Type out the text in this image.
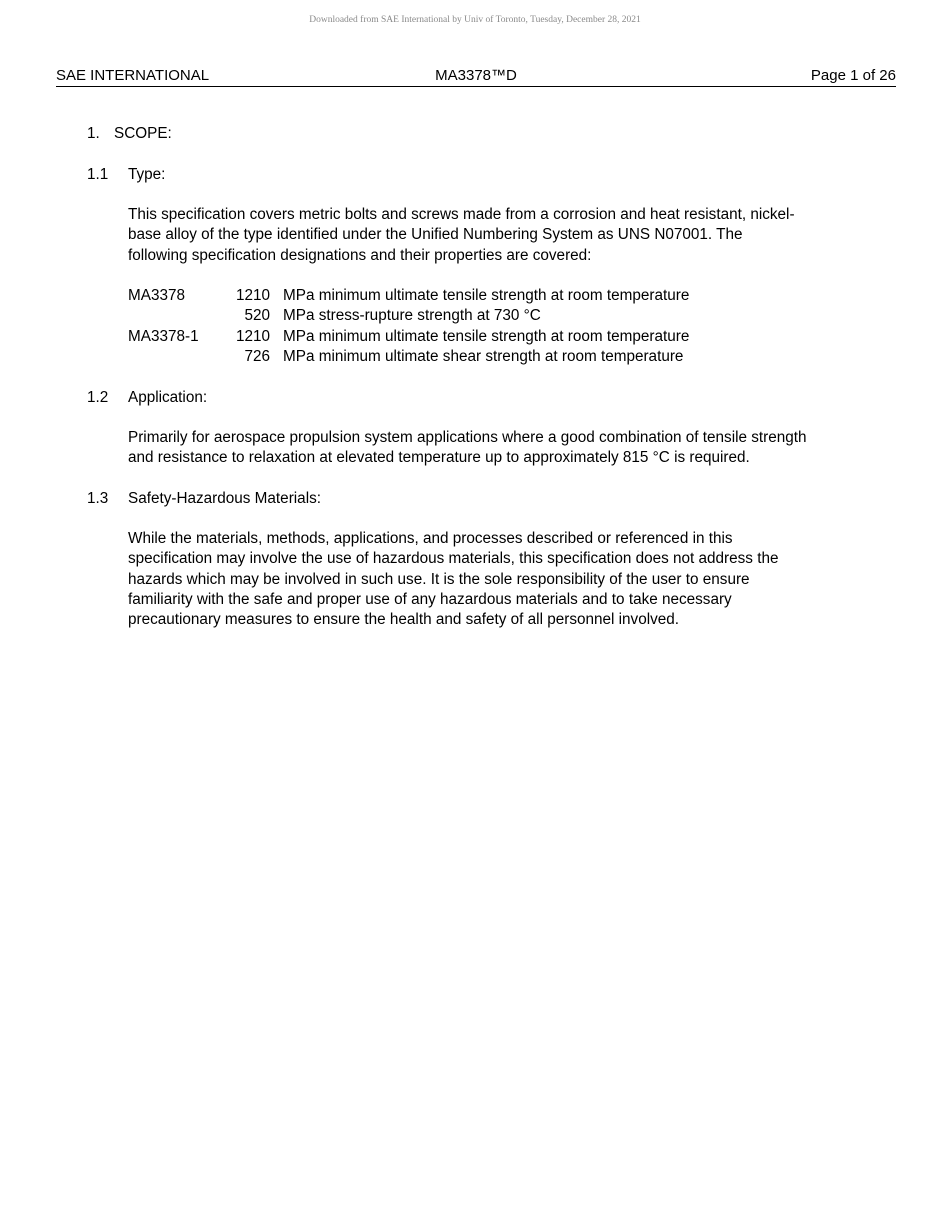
Downloaded from SAE International by Univ of Toronto, Tuesday, December 28, 2021
SAE INTERNATIONAL	MA3378™D	Page 1 of 26
1. SCOPE:
1.1 Type:
This specification covers metric bolts and screws made from a corrosion and heat resistant, nickel-
base alloy of the type identified under the Unified Numbering System as UNS N07001. The
following specification designations and their properties are covered:
MA3378	1210 MPa minimum ultimate tensile strength at room temperature
520 MPa stress-rupture strength at 730 °C
MA3378-1 1210 MPa minimum ultimate tensile strength at room temperature
726 MPa minimum ultimate shear strength at room temperature
1.2 Application:
Primarily for aerospace propulsion system applications where a good combination of tensile strength
and resistance to relaxation at elevated temperature up to approximately 815 °C is required.
1.3 Safety-Hazardous Materials:
While the materials, methods, applications, and processes described or referenced in this
specification may involve the use of hazardous materials, this specification does not address the
hazards which may be involved in such use. It is the sole responsibility of the user to ensure
familiarity with the safe and proper use of any hazardous materials and to take necessary
precautionary measures to ensure the health and safety of all personnel involved.
